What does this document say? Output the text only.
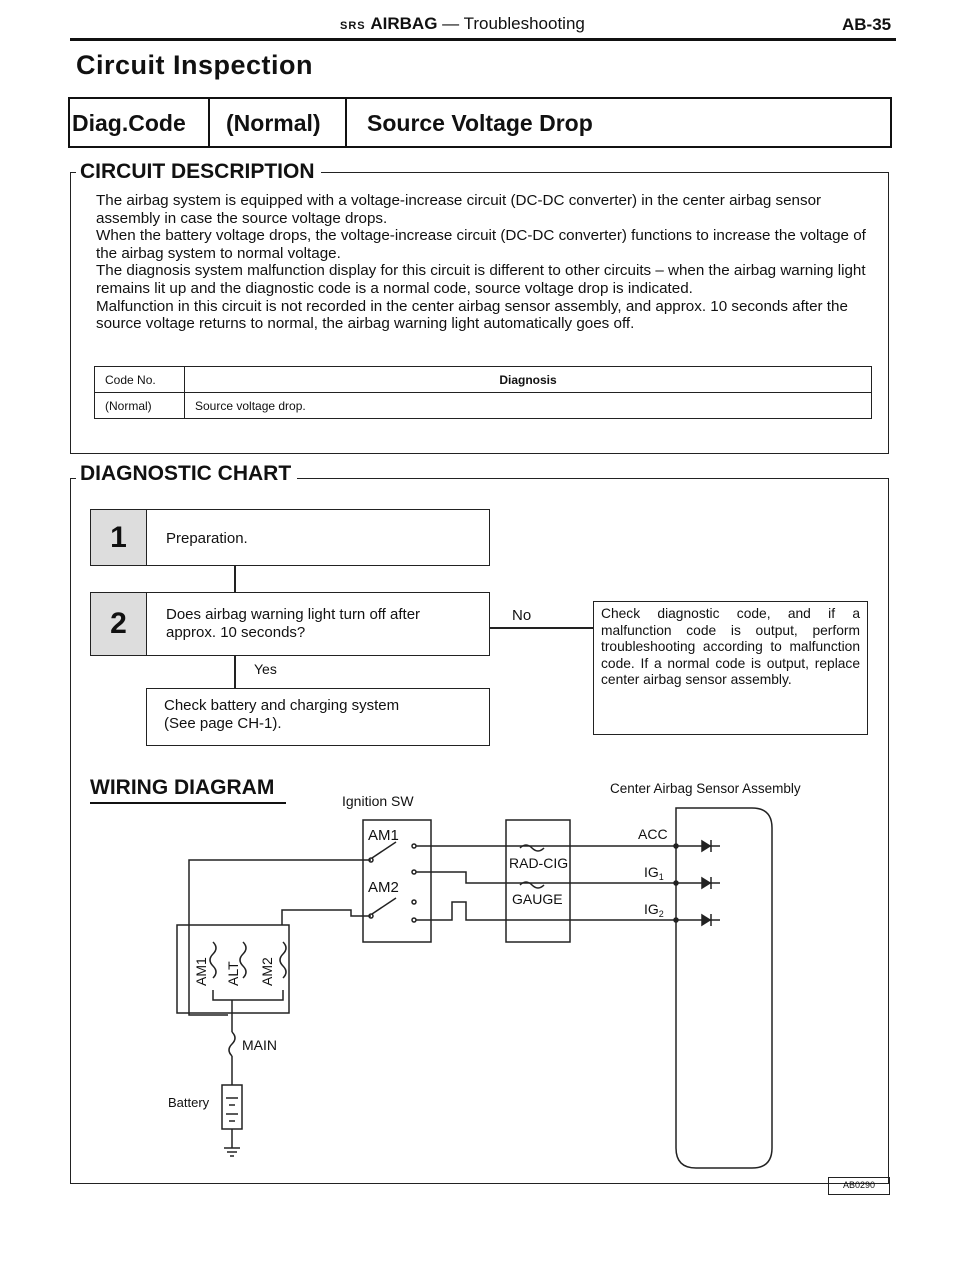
SRS AIRBAG — Troubleshooting	AB-35
Circuit Inspection
Diag.Code (Normal) Source Voltage Drop
CIRCUIT DESCRIPTION

The airbag system is equipped with a voltage-increase circuit (DC-DC converter) in the center airbag sensor assembly in case the source voltage drops.

When the battery voltage drops, the voltage-increase circuit (DC-DC converter) functions to increase the voltage of the airbag system to normal voltage.

The diagnosis system malfunction display for this circuit is different to other circuits – when the airbag warning light remains lit up and the diagnostic code is a normal code, source voltage drop is indicated.

Malfunction in this circuit is not recorded in the center airbag sensor assembly, and approx. 10 seconds after the source voltage returns to normal, the airbag warning light automatically goes off.

Code No.	Diagnosis
(Normal)	Source voltage drop.
DIAGNOSTIC CHART
1	Preparation.
2	Does airbag warning light turn off after
approx. 10 seconds?
No	Check diagnostic code, and if a malfunction code is output, perform troubleshooting according to malfunction code. If a normal code is output, replace center airbag sensor assembly.
Yes
Check battery and charging system
(See page CH-1).
WIRING DIAGRAM
Ignition SW
Center Airbag Sensor Assembly
AM1
AM2
RAD-CIG
GAUGE
ACC
$IG_1$
$IG_2$
AM1 ALT AM2
MAIN
Battery
AB0290
